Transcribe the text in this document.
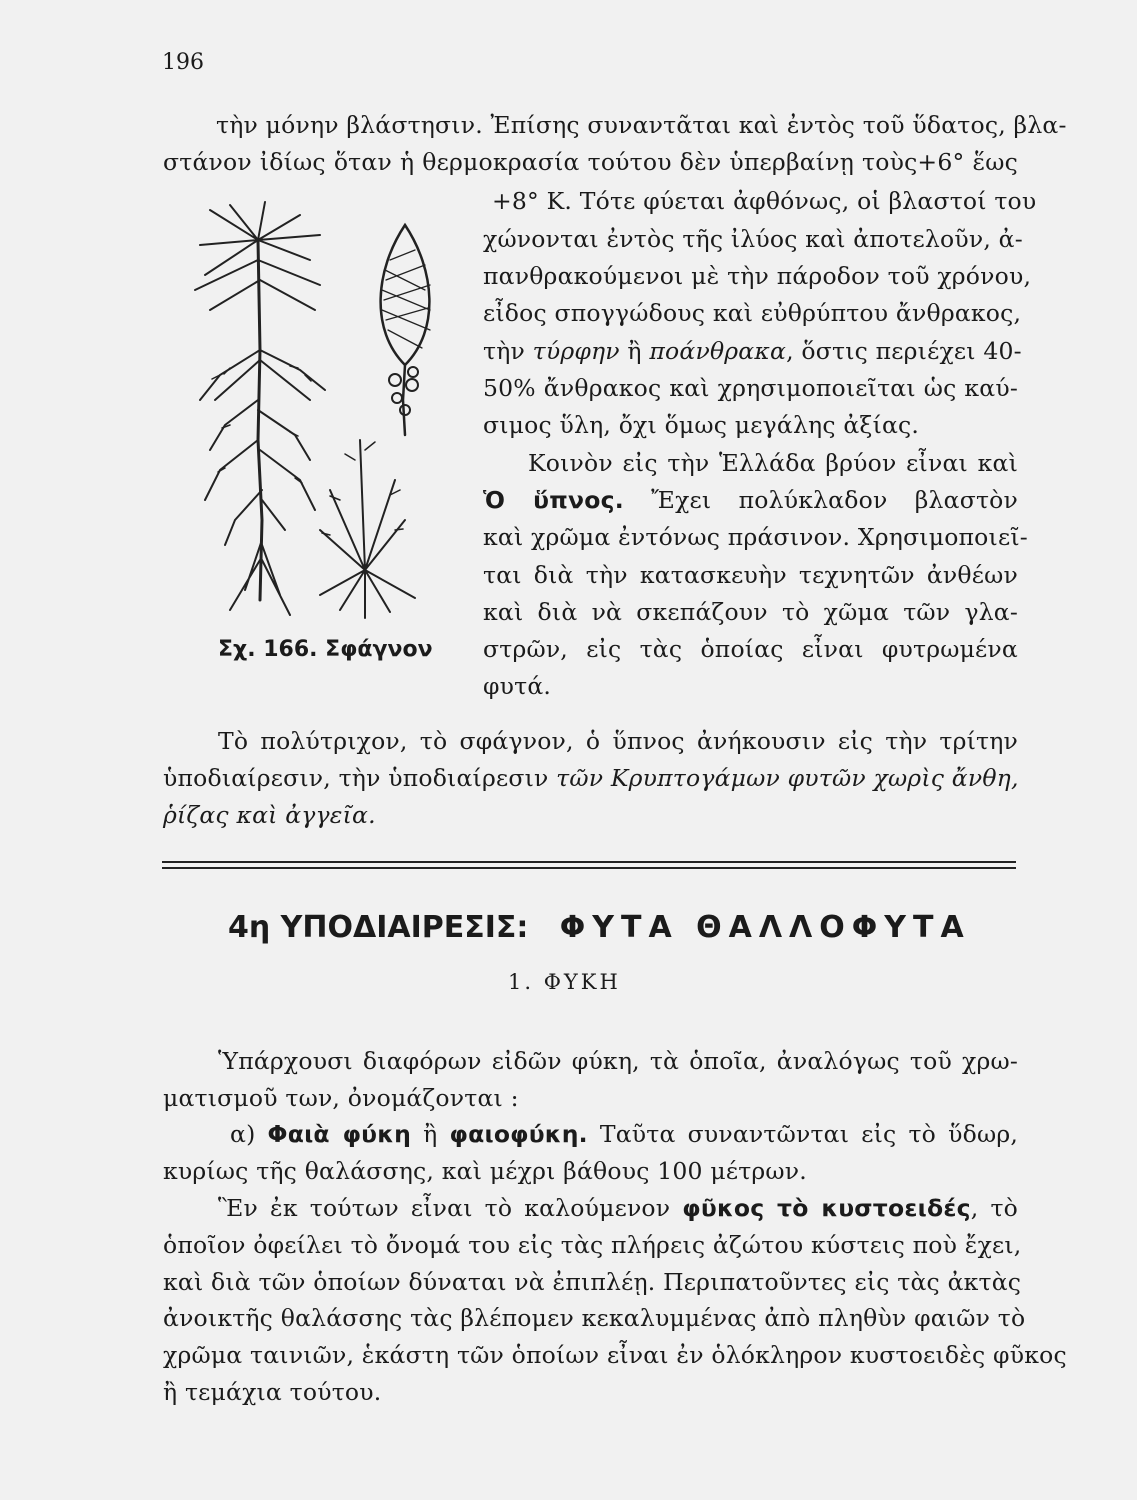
196
τὴν μόνην βλάστησιν. Ἐπίσης συναντᾶται καὶ ἐντὸς τοῦ ὕδατος, βλα-
στάνον ἰδίως ὅταν ἡ θερμοκρασία τούτου δὲν ὑπερβαίνῃ τοὺς+6° ἕως
+8° Κ. Τότε φύεται ἀφθόνως, οἱ βλαστοί του
χώνονται ἐντὸς τῆς ἰλύος καὶ ἀποτελοῦν, ἀ-
πανθρακούμενοι μὲ τὴν πάροδον τοῦ χρόνου,
εἶδος σπογγώδους καὶ εὐθρύπτου ἄνθρακος,
τὴν τύρφην ἢ ποάνθρακα, ὅστις περιέχει 40-
50% ἄνθρακος καὶ χρησιμοποιεῖται ὡς καύ-
σιμος ὕλη, ὄχι ὅμως μεγάλης ἀξίας.
Κοινὸν εἰς τὴν Ἑλλάδα βρύον εἶναι καὶ
Ὁ ὕπνος. Ἔχει πολύκλαδον βλαστὸν
καὶ χρῶμα ἐντόνως πράσινον. Χρησιμοποιεῖ-
ται διὰ τὴν κατασκευὴν τεχνητῶν ἀνθέων
καὶ διὰ νὰ σκεπάζουν τὸ χῶμα τῶν γλα-
στρῶν, εἰς τὰς ὁποίας εἶναι φυτρωμένα
φυτά.
Σχ. 166. Σφάγνον
Τὸ πολύτριχον, τὸ σφάγνον, ὁ ὕπνος ἀνήκουσιν εἰς τὴν τρίτην
ὑποδιαίρεσιν, τὴν ὑποδιαίρεσιν τῶν Κρυπτογάμων φυτῶν χωρὶς ἄνθη,
ῥίζας καὶ ἀγγεῖα.
4η ΥΠΟΔΙΑΙΡΕΣΙΣ: ΦΥΤΑ ΘΑΛΛΟΦΥΤΑ
1. ΦΥΚΗ
Ὑπάρχουσι διαφόρων εἰδῶν φύκη, τὰ ὁποῖα, ἀναλόγως τοῦ χρω-
ματισμοῦ των, ὀνομάζονται :
α) Φαιὰ φύκη ἢ φαιοφύκη. Ταῦτα συναντῶνται εἰς τὸ ὕδωρ,
κυρίως τῆς θαλάσσης, καὶ μέχρι βάθους 100 μέτρων.
Ἓν ἐκ τούτων εἶναι τὸ καλούμενον φῦκος τὸ κυστοειδές, τὸ
ὁποῖον ὀφείλει τὸ ὄνομά του εἰς τὰς πλήρεις ἀζώτου κύστεις ποὺ ἔχει,
καὶ διὰ τῶν ὁποίων δύναται νὰ ἐπιπλέῃ. Περιπατοῦντες εἰς τὰς ἀκτὰς
ἀνοικτῆς θαλάσσης τὰς βλέπομεν κεκαλυμμένας ἀπὸ πληθὺν φαιῶν τὸ
χρῶμα ταινιῶν, ἑκάστη τῶν ὁποίων εἶναι ἐν ὁλόκληρον κυστοειδὲς φῦκος
ἢ τεμάχια τούτου.
